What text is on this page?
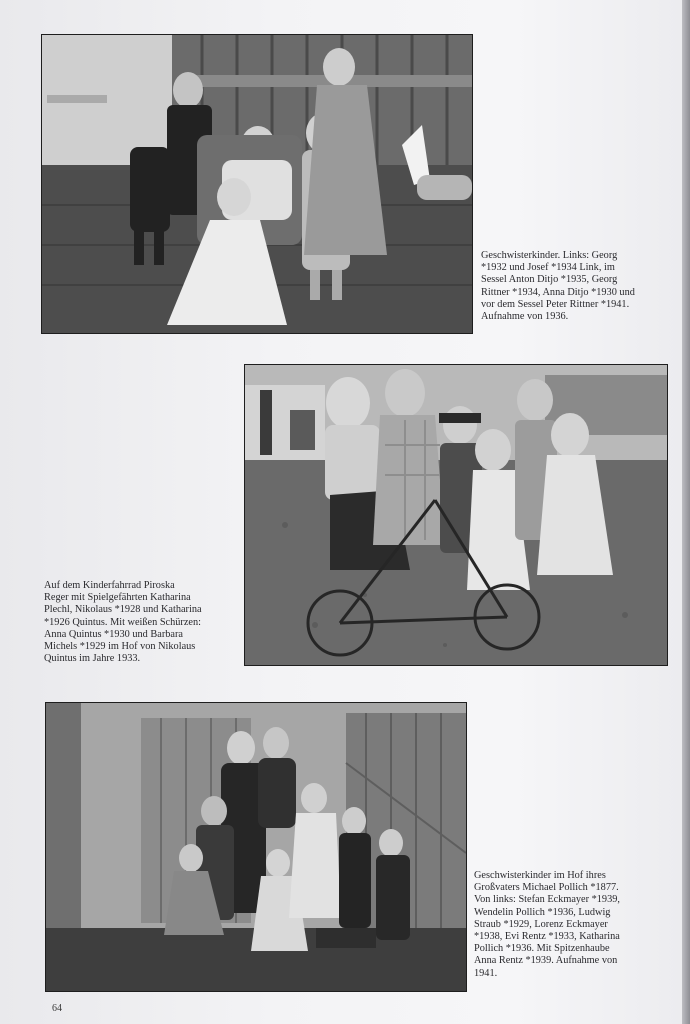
Geschwisterkinder. Links: Georg
*1932 und Josef *1934 Link, im
Sessel Anton Ditjo *1935, Georg
Rittner *1934, Anna Ditjo *1930 und
vor dem Sessel Peter Rittner *1941.
Aufnahme von 1936.
Auf dem Kinderfahrrad Piroska
Reger mit Spielgefährten Katharina
Plechl, Nikolaus *1928 und Katharina
*1926 Quintus. Mit weißen Schürzen:
Anna Quintus *1930 und Barbara
Michels *1929 im Hof von Nikolaus
Quintus im Jahre 1933.
Geschwisterkinder im Hof ihres
Großvaters Michael Pollich *1877.
Von links: Stefan Eckmayer *1939,
Wendelin Pollich *1936, Ludwig
Straub *1929, Lorenz Eckmayer
*1938, Evi Rentz *1933, Katharina
Pollich *1936. Mit Spitzenhaube
Anna Rentz *1939. Aufnahme von
1941.
64
